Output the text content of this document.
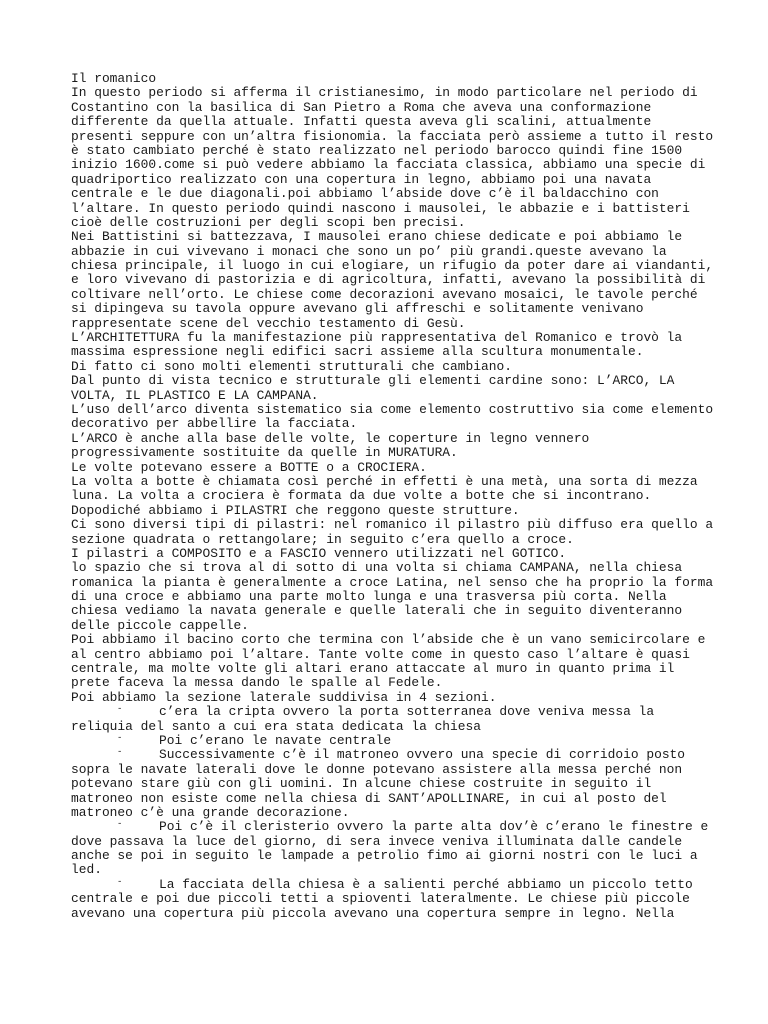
Il romanico
In questo periodo si afferma il cristianesimo, in modo particolare nel periodo di
Costantino con la basilica di San Pietro a Roma che aveva una conformazione
differente da quella attuale. Infatti questa aveva gli scalini, attualmente
presenti seppure con un’altra fisionomia. la facciata però assieme a tutto il resto
è stato cambiato perché è stato realizzato nel periodo barocco quindi fine 1500
inizio 1600.come si può vedere abbiamo la facciata classica, abbiamo una specie di
quadriportico realizzato con una copertura in legno, abbiamo poi una navata
centrale e le due diagonali.poi abbiamo l’abside dove c’è il baldacchino con
l’altare. In questo periodo quindi nascono i mausolei, le abbazie e i battisteri
cioè delle costruzioni per degli scopi ben precisi.
Nei Battistini si battezzava, I mausolei erano chiese dedicate e poi abbiamo le
abbazie in cui vivevano i monaci che sono un po’ più grandi.queste avevano la
chiesa principale, il luogo in cui elogiare, un rifugio da poter dare ai viandanti,
e loro vivevano di pastorizia e di agricoltura, infatti, avevano la possibilità di
coltivare nell’orto. Le chiese come decorazioni avevano mosaici, le tavole perché
si dipingeva su tavola oppure avevano gli affreschi e solitamente venivano
rappresentate scene del vecchio testamento di Gesù.
L’ARCHITETTURA fu la manifestazione più rappresentativa del Romanico e trovò la
massima espressione negli edifici sacri assieme alla scultura monumentale.
Di fatto ci sono molti elementi strutturali che cambiano.
Dal punto di vista tecnico e strutturale gli elementi cardine sono: L’ARCO, LA
VOLTA, IL PLASTICO E LA CAMPANA.
L’uso dell’arco diventa sistematico sia come elemento costruttivo sia come elemento
decorativo per abbellire la facciata.
L’ARCO è anche alla base delle volte, le coperture in legno vennero
progressivamente sostituite da quelle in MURATURA.
Le volte potevano essere a BOTTE o a CROCIERA.
La volta a botte è chiamata così perché in effetti è una metà, una sorta di mezza
luna. La volta a crociera è formata da due volte a botte che si incontrano.
Dopodiché abbiamo i PILASTRI che reggono queste strutture.
Ci sono diversi tipi di pilastri: nel romanico il pilastro più diffuso era quello a
sezione quadrata o rettangolare; in seguito c’era quello a croce.
I pilastri a COMPOSITO e a FASCIO vennero utilizzati nel GOTICO.
lo spazio che si trova al di sotto di una volta si chiama CAMPANA, nella chiesa
romanica la pianta è generalmente a croce Latina, nel senso che ha proprio la forma
di una croce e abbiamo una parte molto lunga e una trasversa più corta. Nella
chiesa vediamo la navata generale e quelle laterali che in seguito diventeranno
delle piccole cappelle.
Poi abbiamo il bacino corto che termina con l’abside che è un vano semicircolare e
al centro abbiamo poi l’altare. Tante volte come in questo caso l’altare è quasi
centrale, ma molte volte gli altari erano attaccate al muro in quanto prima il
prete faceva la messa dando le spalle al Fedele.
Poi abbiamo la sezione laterale suddivisa in 4 sezioni.
-	c’era la cripta ovvero la porta sotterranea dove veniva messa la
reliquia del santo a cui era stata dedicata la chiesa
-	Poi c’erano le navate centrale
-	Successivamente c’è il matroneo ovvero una specie di corridoio posto
sopra le navate laterali dove le donne potevano assistere alla messa perché non
potevano stare giù con gli uomini. In alcune chiese costruite in seguito il
matroneo non esiste come nella chiesa di SANT’APOLLINARE, in cui al posto del
matroneo c’è una grande decorazione.
-	Poi c’è il cleristerio ovvero la parte alta dov’è c’erano le finestre e
dove passava la luce del giorno, di sera invece veniva illuminata dalle candele
anche se poi in seguito le lampade a petrolio fimo ai giorni nostri con le luci a
led.
-	La facciata della chiesa è a salienti perché abbiamo un piccolo tetto
centrale e poi due piccoli tetti a spioventi lateralmente. Le chiese più piccole
avevano una copertura più piccola avevano una copertura sempre in legno. Nella
